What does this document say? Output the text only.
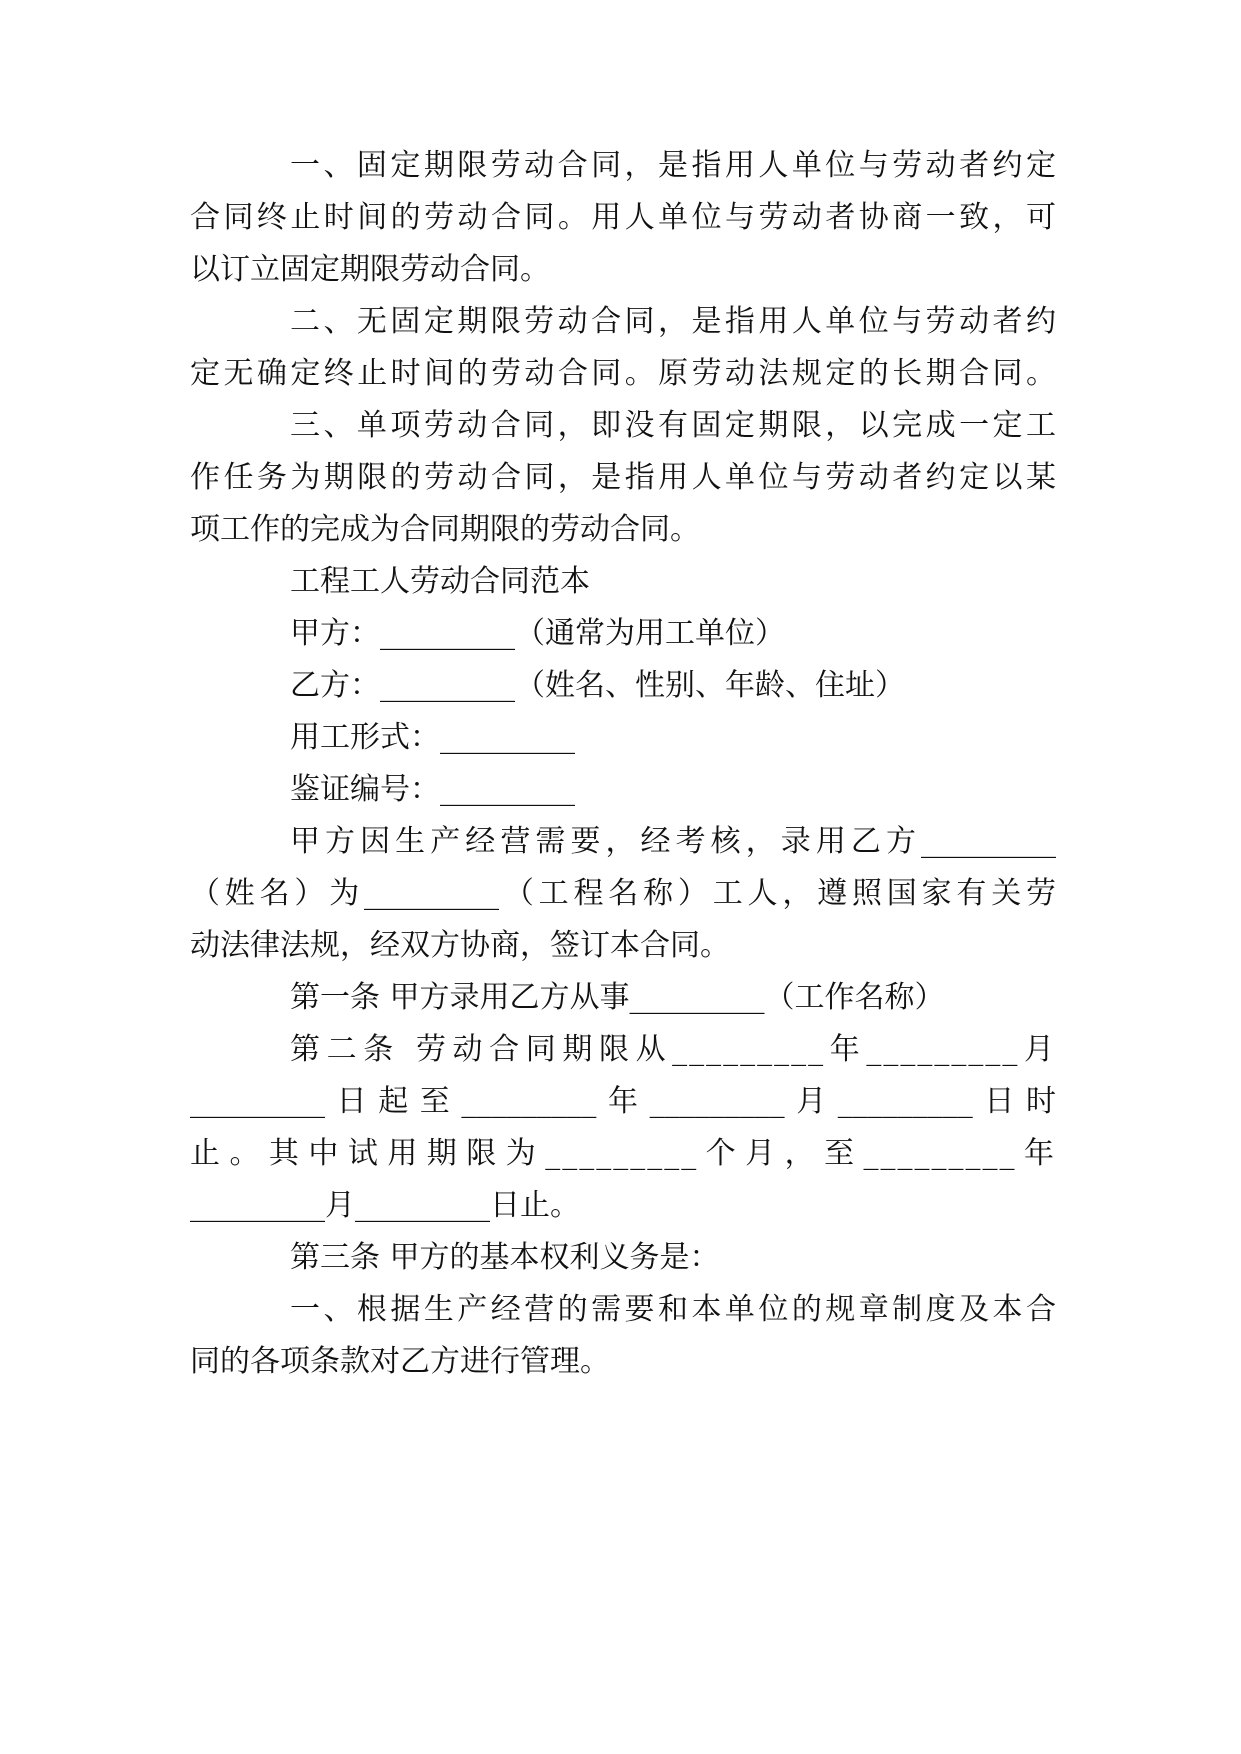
一、固定期限劳动合同，是指用人单位与劳动者约定
合同终止时间的劳动合同。用人单位与劳动者协商一致，可
以订立固定期限劳动合同。
二、无固定期限劳动合同，是指用人单位与劳动者约
定无确定终止时间的劳动合同。原劳动法规定的长期合同。
三、单项劳动合同，即没有固定期限，以完成一定工
作任务为期限的劳动合同，是指用人单位与劳动者约定以某
项工作的完成为合同期限的劳动合同。
工程工人劳动合同范本
甲方：_________（通常为用工单位）
乙方：_________（姓名、性别、年龄、住址）
用工形式：_________
鉴证编号：_________
甲方因生产经营需要，经考核，录用乙方_________
（姓名）为_________（工程名称）工人，遵照国家有关劳
动法律法规，经双方协商，签订本合同。
第一条 甲方录用乙方从事_________（工作名称）
第二条 劳动合同期限从_________年_________月
_________日起至_________年_________月_________日时
止。其中试用期限为_________个月，至_________年
_________月_________日止。
第三条 甲方的基本权利义务是：
一、根据生产经营的需要和本单位的规章制度及本合
同的各项条款对乙方进行管理。
